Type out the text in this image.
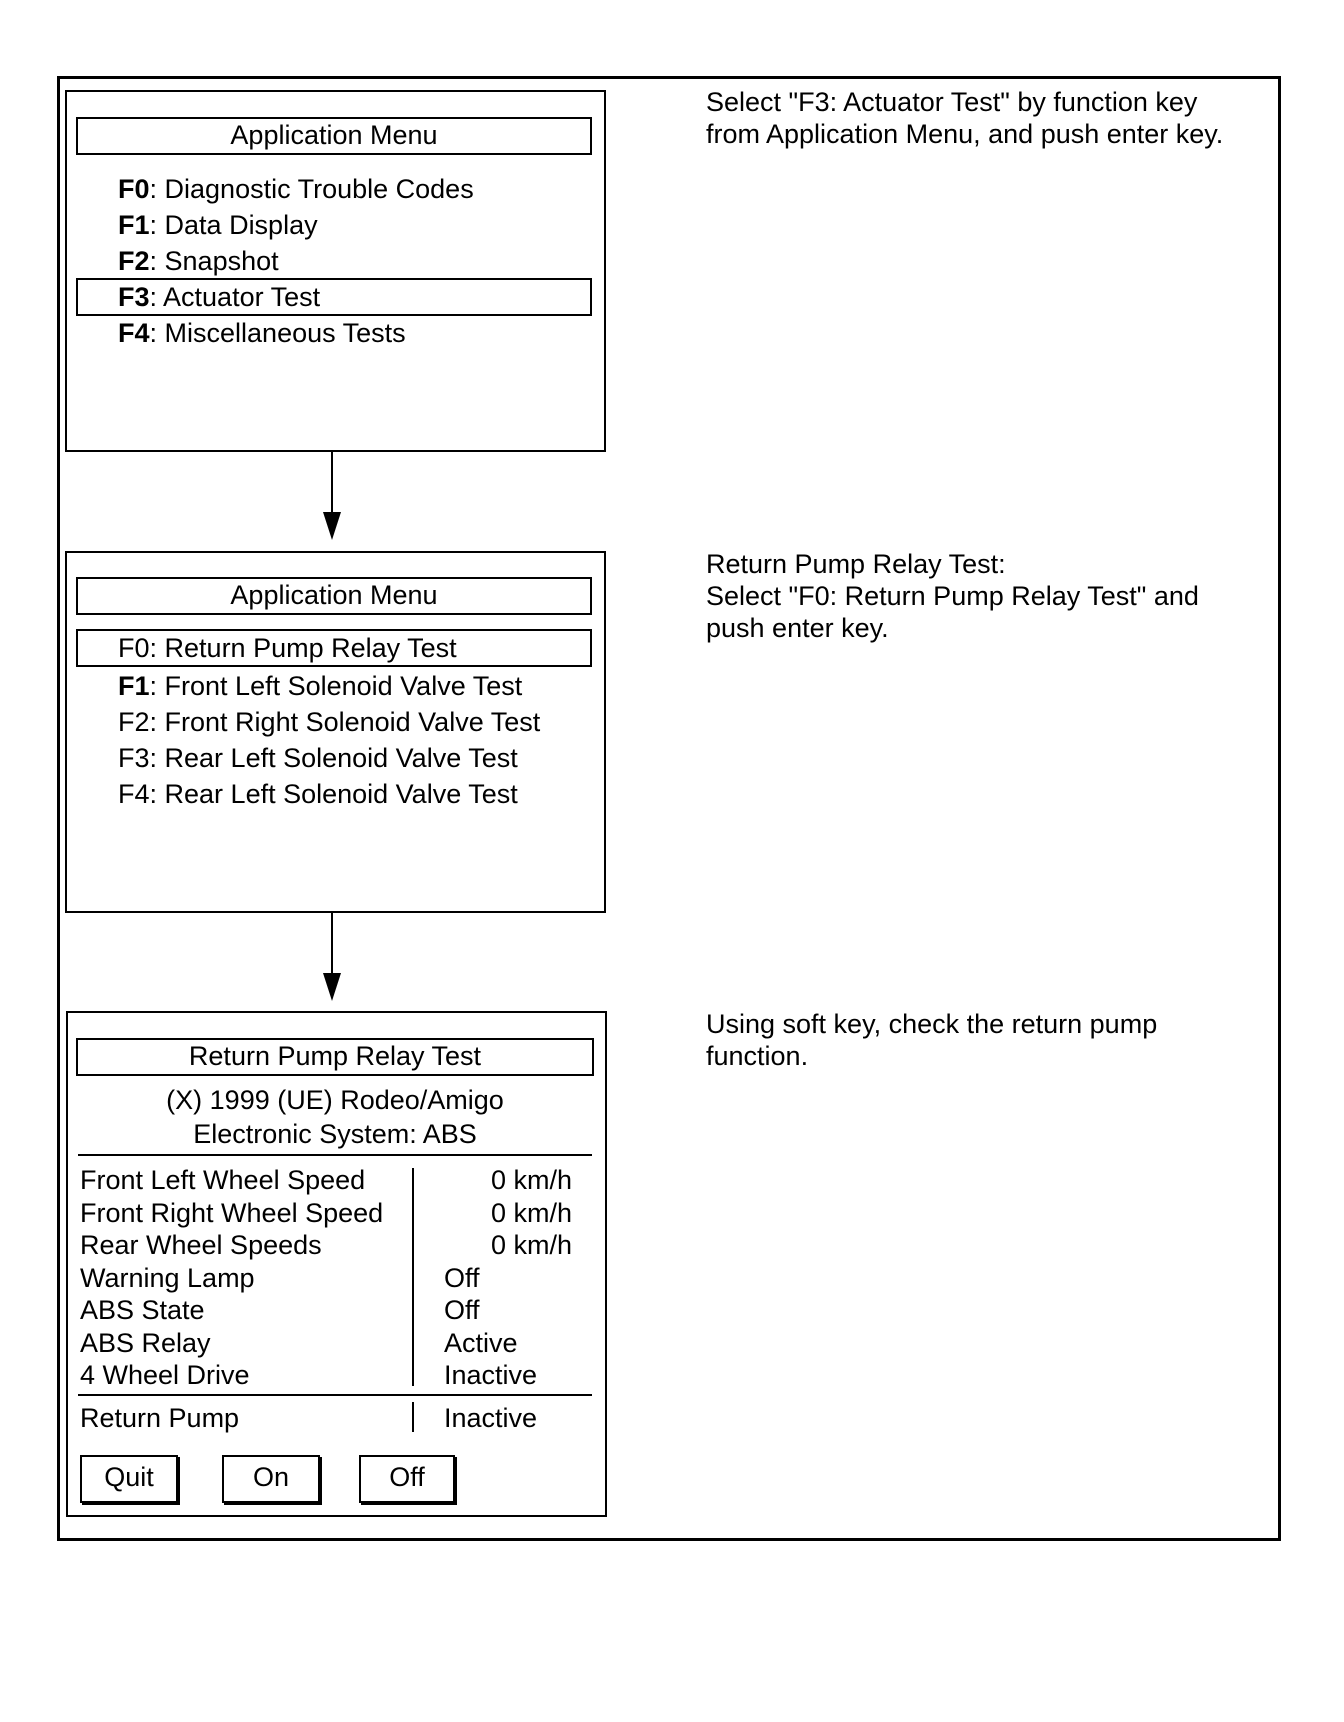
Application Menu
F0: Diagnostic Trouble Codes
F1: Data Display
F2: Snapshot
F3: Actuator Test
F4: Miscellaneous Tests
Select "F3: Actuator Test" by function key
from Application Menu, and push enter key.
Application Menu
F0: Return Pump Relay Test
F1: Front Left Solenoid Valve Test
F2: Front Right Solenoid Valve Test
F3: Rear Left Solenoid Valve Test
F4: Rear Left Solenoid Valve Test
Return Pump Relay Test:
Select "F0: Return Pump Relay Test" and
push enter key.
Return Pump Relay Test
(X) 1999 (UE) Rodeo/Amigo
Electronic System: ABS
Front Left Wheel Speed	0 km/h
Front Right Wheel Speed	0 km/h
Rear Wheel Speeds	0 km/h
Warning Lamp	Off
ABS State	Off
ABS Relay	Active
4 Wheel Drive	Inactive
Return Pump	Inactive
Quit	On	Off
Using soft key, check the return pump
function.
